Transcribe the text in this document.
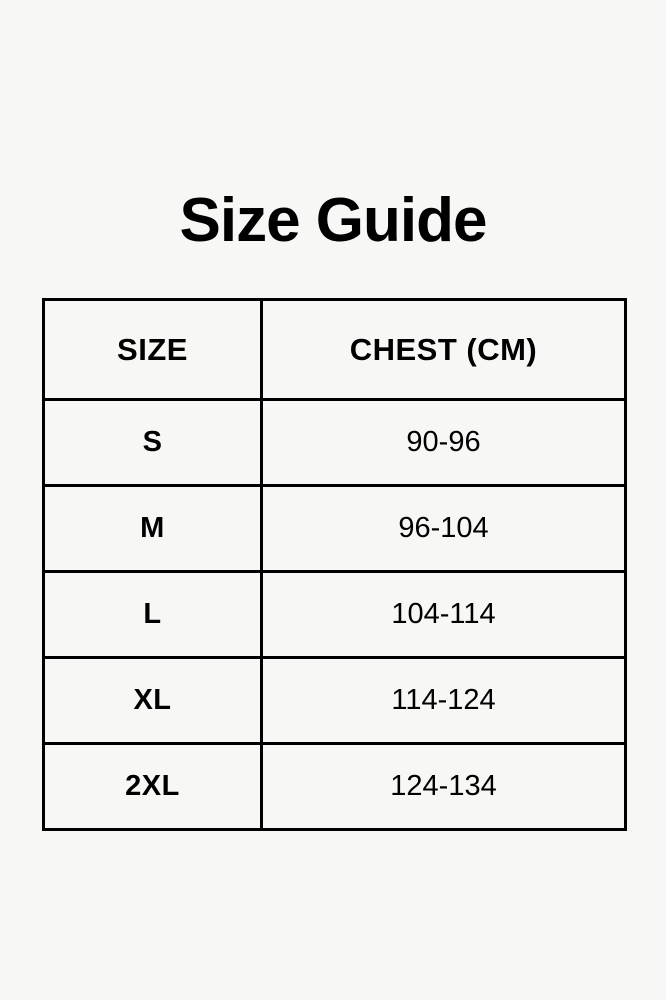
Size Guide
SIZE	CHEST (CM)
S	90-96
M	96-104
L	104-114
XL	114-124
2XL	124-134
